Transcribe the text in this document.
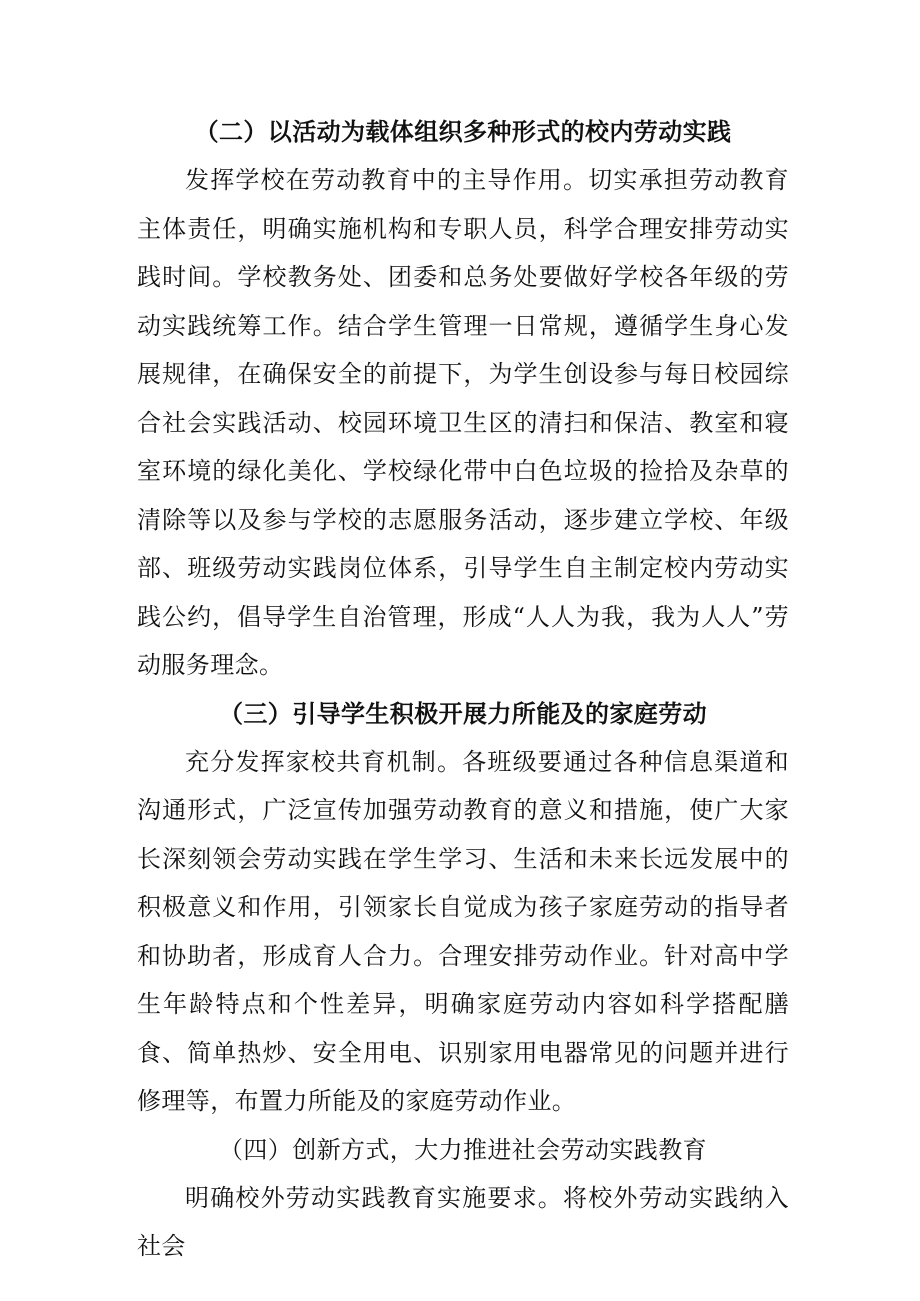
（二）以活动为载体组织多种形式的校内劳动实践

发挥学校在劳动教育中的主导作用。切实承担劳动教育主体责任，明确实施机构和专职人员，科学合理安排劳动实践时间。学校教务处、团委和总务处要做好学校各年级的劳动实践统筹工作。结合学生管理一日常规，遵循学生身心发展规律，在确保安全的前提下，为学生创设参与每日校园综合社会实践活动、校园环境卫生区的清扫和保洁、教室和寝室环境的绿化美化、学校绿化带中白色垃圾的捡拾及杂草的清除等以及参与学校的志愿服务活动，逐步建立学校、年级部、班级劳动实践岗位体系，引导学生自主制定校内劳动实践公约，倡导学生自治管理，形成“人人为我，我为人人”劳动服务理念。

（三）引导学生积极开展力所能及的家庭劳动

充分发挥家校共育机制。各班级要通过各种信息渠道和沟通形式，广泛宣传加强劳动教育的意义和措施，使广大家长深刻领会劳动实践在学生学习、生活和未来长远发展中的积极意义和作用，引领家长自觉成为孩子家庭劳动的指导者和协助者，形成育人合力。合理安排劳动作业。针对高中学生年龄特点和个性差异，明确家庭劳动内容如科学搭配膳食、简单热炒、安全用电、识别家用电器常见的问题并进行修理等，布置力所能及的家庭劳动作业。

（四）创新方式，大力推进社会劳动实践教育

明确校外劳动实践教育实施要求。将校外劳动实践纳入社会
